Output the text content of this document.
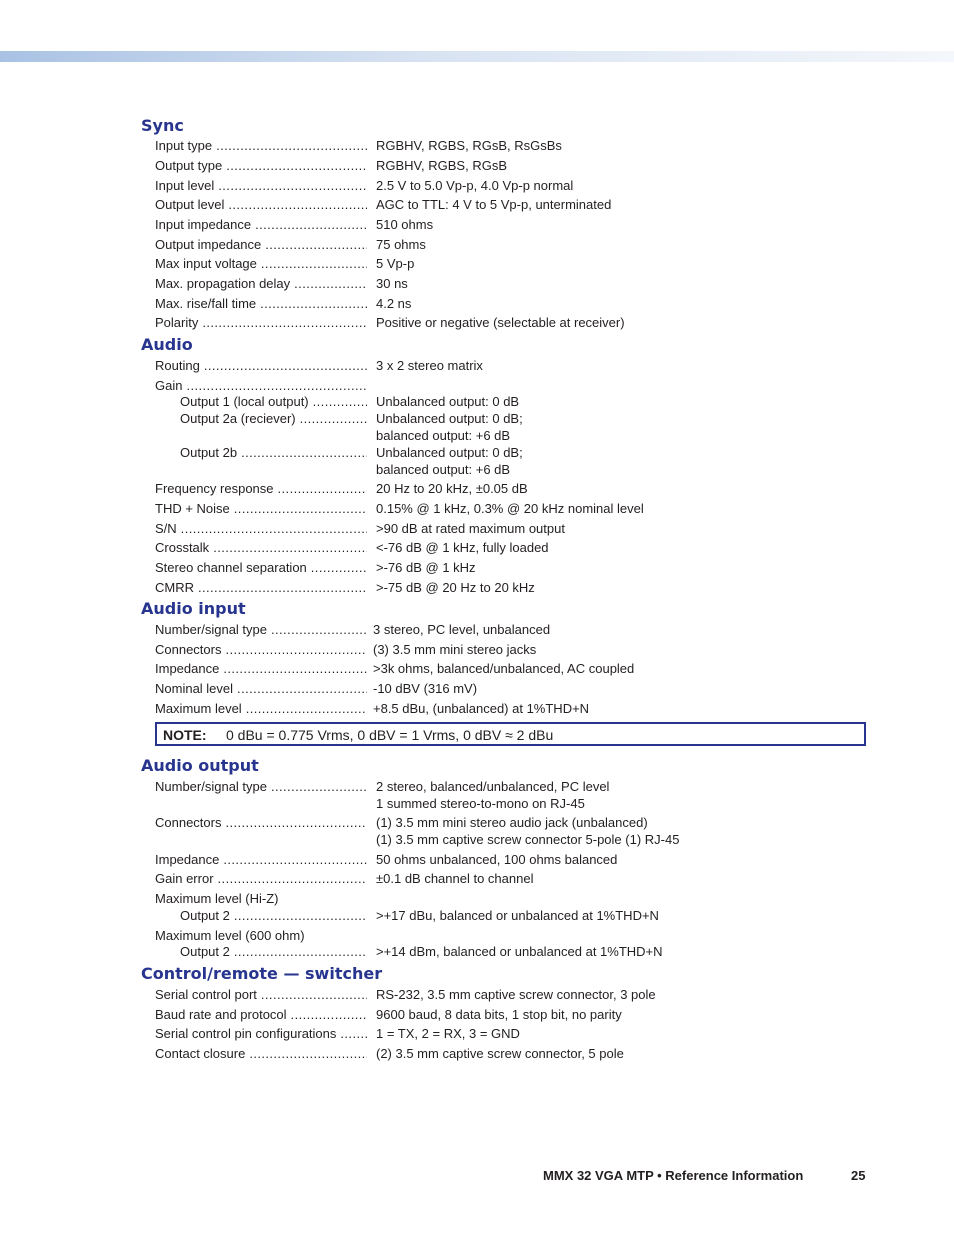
Sync
Input type .....	RGBHV, RGBS, RGsB, RsGsBs
Output type .....	RGBHV, RGBS, RGsB
Input level .....	2.5 V to 5.0 Vp-p, 4.0 Vp-p normal
Output level .....	AGC to TTL: 4 V to 5 Vp-p, unterminated
Input impedance .....	510 ohms
Output impedance .....	75 ohms
Max input voltage .....	5 Vp-p
Max. propagation delay .....	30 ns
Max. rise/fall time .....	4.2 ns
Polarity .....	Positive or negative (selectable at receiver)
Audio
Routing .....	3 x 2 stereo matrix
Gain .....
Output 1 (local output) .....	Unbalanced output: 0 dB
Output 2a (reciever) .....	Unbalanced output: 0 dB;
balanced output: +6 dB
Output 2b .....	Unbalanced output: 0 dB;
balanced output: +6 dB
Frequency response .....	20 Hz to 20 kHz, ±0.05 dB
THD + Noise .....	0.15% @ 1 kHz, 0.3% @ 20 kHz nominal level
S/N .....	>90 dB at rated maximum output
Crosstalk .....	<-76 dB @ 1 kHz, fully loaded
Stereo channel separation .....	>-76 dB @ 1 kHz
CMRR .....	>-75 dB @ 20 Hz to 20 kHz
Audio input
Number/signal type .....	3 stereo, PC level, unbalanced
Connectors .....	(3) 3.5 mm mini stereo jacks
Impedance .....	>3k ohms, balanced/unbalanced, AC coupled
Nominal level .....	-10 dBV (316 mV)
Maximum level .....	+8.5 dBu, (unbalanced) at 1%THD+N
NOTE: 0 dBu = 0.775 Vrms, 0 dBV = 1 Vrms, 0 dBV ≈ 2 dBu
Audio output
Number/signal type .....	2 stereo, balanced/unbalanced, PC level
1 summed stereo-to-mono on RJ-45
Connectors .....	(1) 3.5 mm mini stereo audio jack (unbalanced)
(1) 3.5 mm captive screw connector 5-pole (1) RJ-45
Impedance .....	50 ohms unbalanced, 100 ohms balanced
Gain error .....	±0.1 dB channel to channel
Maximum level (Hi-Z)
Output 2 .....	>+17 dBu, balanced or unbalanced at 1%THD+N
Maximum level (600 ohm)
Output 2 .....	>+14 dBm, balanced or unbalanced at 1%THD+N
Control/remote — switcher
Serial control port .....	RS-232, 3.5 mm captive screw connector, 3 pole
Baud rate and protocol .....	9600 baud, 8 data bits, 1 stop bit, no parity
Serial control pin configurations .....	1 = TX, 2 = RX, 3 = GND
Contact closure .....	(2) 3.5 mm captive screw connector, 5 pole
MMX 32 VGA MTP • Reference Information	25
